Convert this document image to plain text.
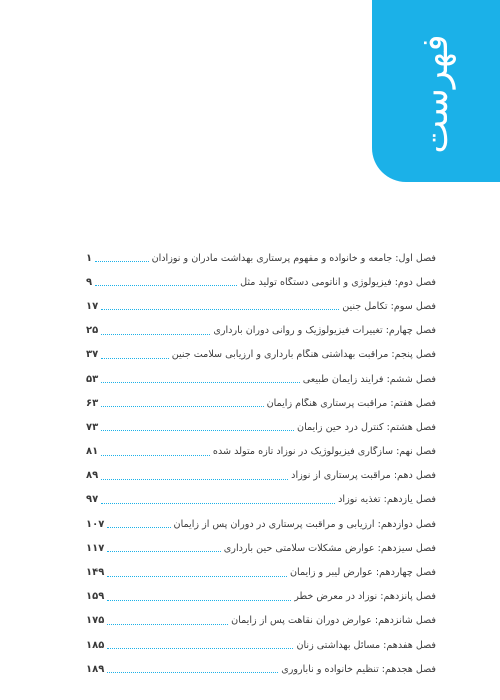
فهرست
فصل اول: جامعه و خانواده و مفهوم پرستاری بهداشت مادران و نوزادان
۱
فصل دوم: فیزیولوژی و آناتومی دستگاه تولید مثل
۹
فصل سوم: تکامل جنین
۱۷
فصل چهارم: تغییرات فیزیولوژیک و روانی دوران بارداری
۲۵
فصل پنجم: مراقبت بهداشتی هنگام بارداری و ارزیابی سلامت جنین
۳۷
فصل ششم: فرایند زایمان طبیعی
۵۳
فصل هفتم: مراقبت پرستاری هنگام زایمان
۶۳
فصل هشتم: کنترل درد حین زایمان
۷۳
فصل نهم: سازگاری فیزیولوژیک در نوزاد تازه متولد شده
۸۱
فصل دهم: مراقبت پرستاری از نوزاد
۸۹
فصل یازدهم: تغذیه نوزاد
۹۷
فصل دوازدهم: ارزیابی و مراقبت پرستاری در دوران پس از زایمان
۱۰۷
فصل سیزدهم: عوارض مشکلات سلامتی حین بارداری
۱۱۷
فصل چهاردهم: عوارض لیبر و زایمان
۱۴۹
فصل پانزدهم: نوزاد در معرض خطر
۱۵۹
فصل شانزدهم: عوارض دوران نقاهت پس از زایمان
۱۷۵
فصل هفدهم: مسائل بهداشتی زنان
۱۸۵
فصل هجدهم: تنظیم خانواده و ناباروری
۱۸۹
